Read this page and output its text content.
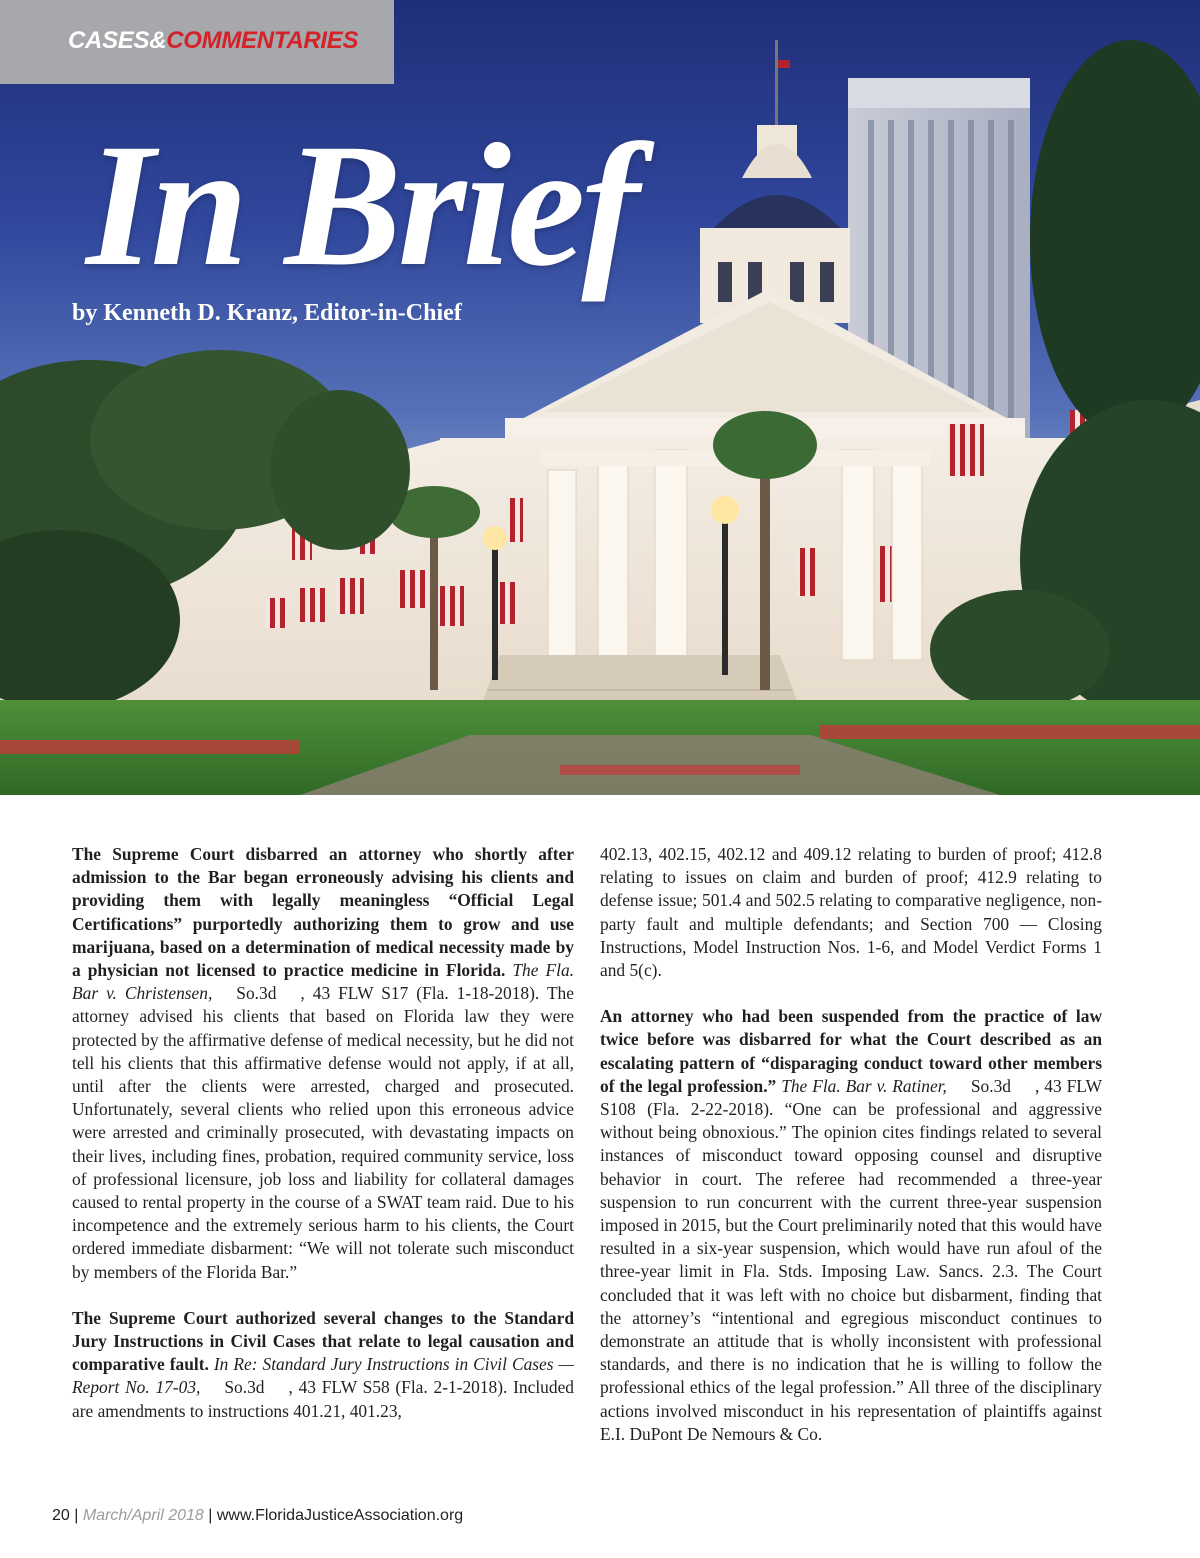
CASES&COMMENTARIES
In Brief
by Kenneth D. Kranz, Editor-in-Chief

The Supreme Court disbarred an attorney who shortly after admission to the Bar began erroneously advising his clients and providing them with legally meaningless “Official Legal Certifications” purportedly authorizing them to grow and use marijuana, based on a determination of medical necessity made by a physician not licensed to practice medicine in Florida. The Fla. Bar v. Christensen, So.3d , 43 FLW S17 (Fla. 1-18-2018). The attorney advised his clients that based on Florida law they were protected by the affirmative defense of medical necessity, but he did not tell his clients that this affirmative defense would not apply, if at all, until after the clients were arrested, charged and prosecuted. Unfortunately, several clients who relied upon this erroneous advice were arrested and criminally prosecuted, with devastating impacts on their lives, including fines, probation, required community service, loss of professional licensure, job loss and liability for collateral damages caused to rental property in the course of a SWAT team raid. Due to his incompetence and the extremely serious harm to his clients, the Court ordered immediate disbarment: “We will not tolerate such misconduct by members of the Florida Bar.”

The Supreme Court authorized several changes to the Standard Jury Instructions in Civil Cases that relate to legal causation and comparative fault. In Re: Standard Jury Instructions in Civil Cases — Report No. 17-03, So.3d , 43 FLW S58 (Fla. 2-1-2018). Included are amendments to instructions 401.21, 401.23,

402.13, 402.15, 402.12 and 409.12 relating to burden of proof; 412.8 relating to issues on claim and burden of proof; 412.9 relating to defense issue; 501.4 and 502.5 relating to comparative negligence, non-party fault and multiple defendants; and Section 700 — Closing Instructions, Model Instruction Nos. 1-6, and Model Verdict Forms 1 and 5(c).

An attorney who had been suspended from the practice of law twice before was disbarred for what the Court described as an escalating pattern of “disparaging conduct toward other members of the legal profession.” The Fla. Bar v. Ratiner, So.3d , 43 FLW S108 (Fla. 2-22-2018). “One can be professional and aggressive without being obnoxious.” The opinion cites findings related to several instances of misconduct toward opposing counsel and disruptive behavior in court. The referee had recommended a three-year suspension to run concurrent with the current three-year suspension imposed in 2015, but the Court preliminarily noted that this would have resulted in a six-year suspension, which would have run afoul of the three-year limit in Fla. Stds. Imposing Law. Sancs. 2.3. The Court concluded that it was left with no choice but disbarment, finding that the attorney’s “intentional and egregious misconduct continues to demonstrate an attitude that is wholly inconsistent with professional standards, and there is no indication that he is willing to follow the professional ethics of the legal profession.” All three of the disciplinary actions involved misconduct in his representation of plaintiffs against E.I. DuPont De Nemours & Co.

20 | March/April 2018 | www.FloridaJusticeAssociation.org
